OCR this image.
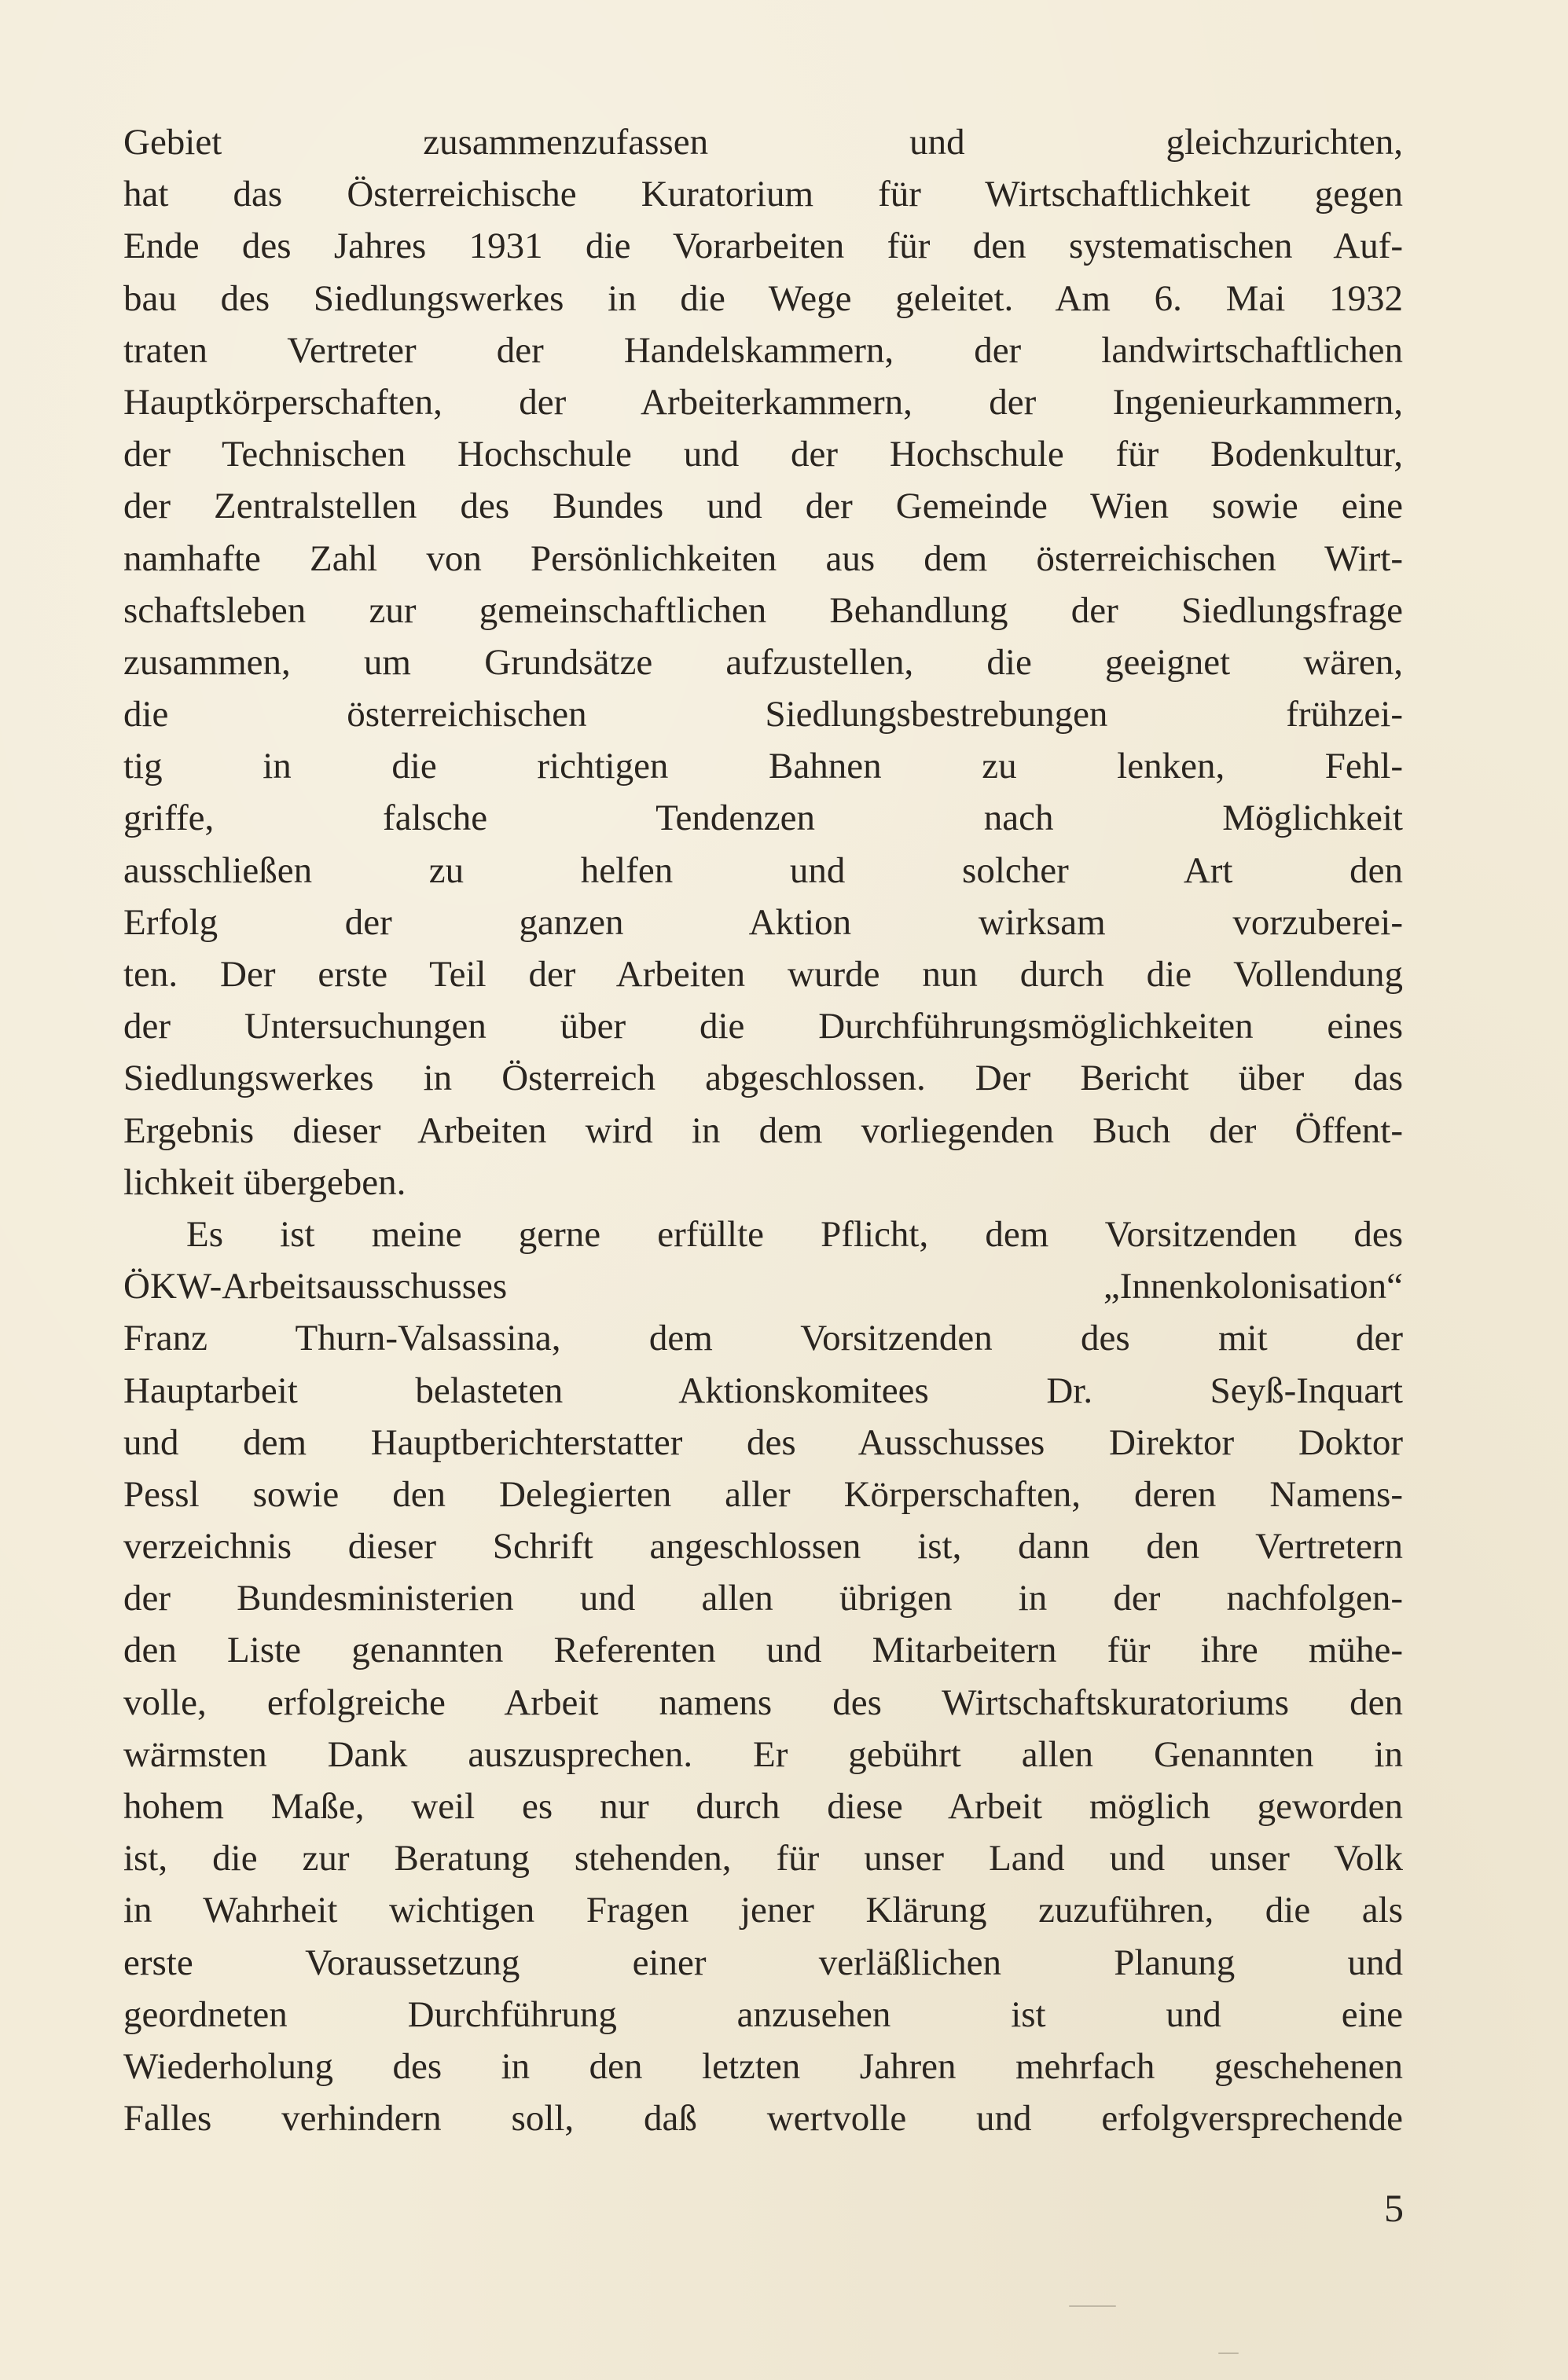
Gebiet zusammenzufassen und gleichzurichten,
hat das Österreichische Kuratorium für Wirtschaftlichkeit gegen
Ende des Jahres 1931 die Vorarbeiten für den systematischen Auf-
bau des Siedlungswerkes in die Wege geleitet. Am 6. Mai 1932
traten Vertreter der Handelskammern, der landwirtschaftlichen
Hauptkörperschaften, der Arbeiterkammern, der Ingenieurkammern,
der Technischen Hochschule und der Hochschule für Bodenkultur,
der Zentralstellen des Bundes und der Gemeinde Wien sowie eine
namhafte Zahl von Persönlichkeiten aus dem österreichischen Wirt-
schaftsleben zur gemeinschaftlichen Behandlung der Siedlungsfrage
zusammen, um Grundsätze aufzustellen, die geeignet wären,
die österreichischen Siedlungsbestrebungen frühzei-
tig in die richtigen Bahnen zu lenken, Fehl-
griffe, falsche Tendenzen nach Möglichkeit
ausschließen zu helfen und solcher Art den
Erfolg der ganzen Aktion wirksam vorzuberei-
ten. Der erste Teil der Arbeiten wurde nun durch die Vollendung
der Untersuchungen über die Durchführungsmöglichkeiten eines
Siedlungswerkes in Österreich abgeschlossen. Der Bericht über das
Ergebnis dieser Arbeiten wird in dem vorliegenden Buch der Öffent-
lichkeit übergeben.
Es ist meine gerne erfüllte Pflicht, dem Vorsitzenden des
ÖKW-Arbeitsausschusses „Innenkolonisation“
Franz Thurn-Valsassina, dem Vorsitzenden des mit der
Hauptarbeit belasteten Aktionskomitees Dr. Seyß-Inquart
und dem Hauptberichterstatter des Ausschusses Direktor Doktor
Pessl sowie den Delegierten aller Körperschaften, deren Namens-
verzeichnis dieser Schrift angeschlossen ist, dann den Vertretern
der Bundesministerien und allen übrigen in der nachfolgen-
den Liste genannten Referenten und Mitarbeitern für ihre mühe-
volle, erfolgreiche Arbeit namens des Wirtschaftskuratoriums den
wärmsten Dank auszusprechen. Er gebührt allen Genannten in
hohem Maße, weil es nur durch diese Arbeit möglich geworden
ist, die zur Beratung stehenden, für unser Land und unser Volk
in Wahrheit wichtigen Fragen jener Klärung zuzuführen, die als
erste Voraussetzung einer verläßlichen Planung und
geordneten Durchführung anzusehen ist und eine
Wiederholung des in den letzten Jahren mehrfach geschehenen
Falles verhindern soll, daß wertvolle und erfolgversprechende
5
